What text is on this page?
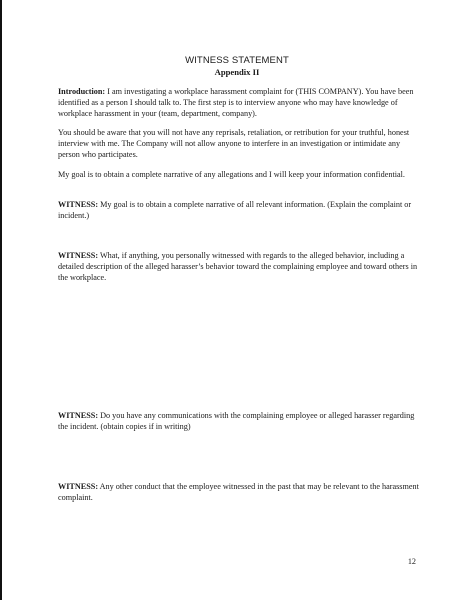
WITNESS STATEMENT
Appendix II

Introduction: I am investigating a workplace harassment complaint for (THIS COMPANY). You have been identified as a person I should talk to. The first step is to interview anyone who may have knowledge of workplace harassment in your (team, department, company).

You should be aware that you will not have any reprisals, retaliation, or retribution for your truthful, honest interview with me. The Company will not allow anyone to interfere in an investigation or intimidate any person who participates.

My goal is to obtain a complete narrative of any allegations and I will keep your information confidential.

WITNESS: My goal is to obtain a complete narrative of all relevant information. (Explain the complaint or incident.)

WITNESS: What, if anything, you personally witnessed with regards to the alleged behavior, including a detailed description of the alleged harasser’s behavior toward the complaining employee and toward others in the workplace.

WITNESS: Do you have any communications with the complaining employee or alleged harasser regarding the incident. (obtain copies if in writing)

WITNESS: Any other conduct that the employee witnessed in the past that may be relevant to the harassment complaint.

12
